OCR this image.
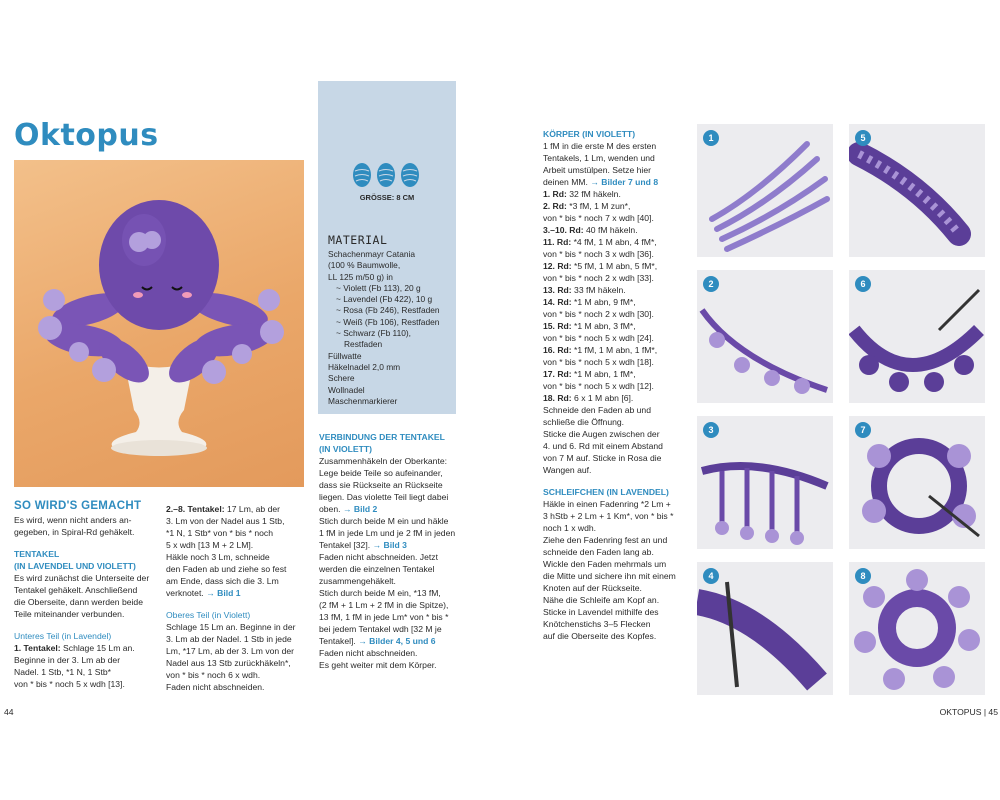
Oktopus
SO WIRD'S GEMACHT

Es wird, wenn nicht anders an-

gegeben, in Spiral-Rd gehäkelt.

TENTAKEL
(IN LAVENDEL UND VIOLETT)

Es wird zunächst die Unterseite der

Tentakel gehäkelt. Anschließend

die Oberseite, dann werden beide

Teile miteinander verbunden.

Unteres Teil (in Lavendel)

1. Tentakel: Schlage 15 Lm an.

Beginne in der 3. Lm ab der

Nadel. 1 Stb, *1 N, 1 Stb*

von * bis * noch 5 x wdh [13].

2.–8. Tentakel: 17 Lm, ab der

3. Lm von der Nadel aus 1 Stb,

*1 N, 1 Stb* von * bis * noch

5 x wdh [13 M + 2 LM].

Häkle noch 3 Lm, schneide

den Faden ab und ziehe so fest

am Ende, dass sich die 3. Lm

verknotet. → Bild 1

Oberes Teil (in Violett)

Schlage 15 Lm an. Beginne in der

3. Lm ab der Nadel. 1 Stb in jede

Lm, *17 Lm, ab der 3. Lm von der

Nadel aus 13 Stb zurückhäkeln*,

von * bis * noch 6 x wdh.

Faden nicht abschneiden.

GRÖSSE: 8 CM
MATERIAL

Schachenmayr Catania

(100 % Baumwolle,

LL 125 m/50 g) in

~ Violett (Fb 113), 20 g

~ Lavendel (Fb 422), 10 g

~ Rosa (Fb 246), Restfaden

~ Weiß (Fb 106), Restfaden

~ Schwarz (Fb 110),

Restfaden

Füllwatte

Häkelnadel 2,0 mm

Schere

Wollnadel

Maschenmarkierer

VERBINDUNG DER TENTAKEL
(IN VIOLETT)

Zusammenhäkeln der Oberkante:

Lege beide Teile so aufeinander,

dass sie Rückseite an Rückseite

liegen. Das violette Teil liegt dabei

oben. → Bild 2

Stich durch beide M ein und häkle

1 fM in jede Lm und je 2 fM in jeden

Tentakel [32]. → Bild 3

Faden nicht abschneiden. Jetzt

werden die einzelnen Tentakel

zusammengehäkelt.

Stich durch beide M ein, *13 fM,

(2 fM + 1 Lm + 2 fM in die Spitze),

13 fM, 1 fM in jede Lm* von * bis *

bei jedem Tentakel wdh [32 M je

Tentakel]. → Bilder 4, 5 und 6

Faden nicht abschneiden.

Es geht weiter mit dem Körper.

KÖRPER (IN VIOLETT)

1 fM in die erste M des ersten

Tentakels, 1 Lm, wenden und

Arbeit umstülpen. Setze hier

deinen MM. → Bilder 7 und 8

1. Rd: 32 fM häkeln.

2. Rd: *3 fM, 1 M zun*,

von * bis * noch 7 x wdh [40].

3.–10. Rd: 40 fM häkeln.

11. Rd: *4 fM, 1 M abn, 4 fM*,

von * bis * noch 3 x wdh [36].

12. Rd: *5 fM, 1 M abn, 5 fM*,

von * bis * noch 2 x wdh [33].

13. Rd: 33 fM häkeln.

14. Rd: *1 M abn, 9 fM*,

von * bis * noch 2 x wdh [30].

15. Rd: *1 M abn, 3 fM*,

von * bis * noch 5 x wdh [24].

16. Rd: *1 fM, 1 M abn, 1 fM*,

von * bis * noch 5 x wdh [18].

17. Rd: *1 M abn, 1 fM*,

von * bis * noch 5 x wdh [12].

18. Rd: 6 x 1 M abn [6].

Schneide den Faden ab und

schließe die Öffnung.

Sticke die Augen zwischen der

4. und 6. Rd mit einem Abstand

von 7 M auf. Sticke in Rosa die

Wangen auf.

SCHLEIFCHEN (IN LAVENDEL)

Häkle in einen Fadenring *2 Lm +

3 hStb + 2 Lm + 1 Km*, von * bis *

noch 1 x wdh.

Ziehe den Fadenring fest an und

schneide den Faden lang ab.

Wickle den Faden mehrmals um

die Mitte und sichere ihn mit einem

Knoten auf der Rückseite.

Nähe die Schleife am Kopf an.

Sticke in Lavendel mithilfe des

Knötchenstichs 3–5 Flecken

auf die Oberseite des Kopfes.

1	5
2	6
3	7
4	8
44	OKTOPUS | 45
